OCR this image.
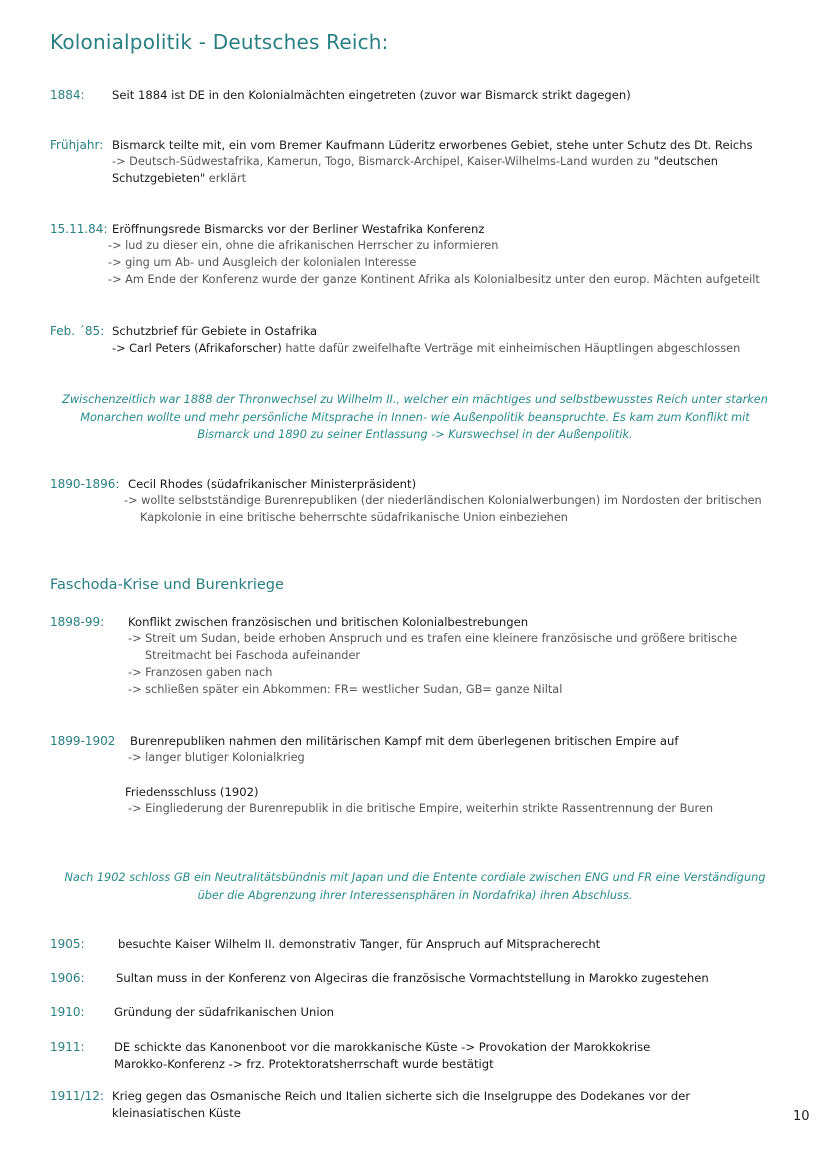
Kolonialpolitik - Deutsches Reich:
1884: Seit 1884 ist DE in den Kolonialmächten eingetreten (zuvor war Bismarck strikt dagegen)
Frühjahr: Bismarck teilte mit, ein vom Bremer Kaufmann Lüderitz erworbenes Gebiet, stehe unter Schutz des Dt. Reichs
-> Deutsch-Südwestafrika, Kamerun, Togo, Bismarck-Archipel, Kaiser-Wilhelms-Land wurden zu "deutschen
Schutzgebieten" erklärt
15.11.84: Eröffnungsrede Bismarcks vor der Berliner Westafrika Konferenz
-> lud zu dieser ein, ohne die afrikanischen Herrscher zu informieren
-> ging um Ab- und Ausgleich der kolonialen Interesse
-> Am Ende der Konferenz wurde der ganze Kontinent Afrika als Kolonialbesitz unter den europ. Mächten aufgeteilt
Feb. ´85: Schutzbrief für Gebiete in Ostafrika
-> Carl Peters (Afrikaforscher) hatte dafür zweifelhafte Verträge mit einheimischen Häuptlingen abgeschlossen
Zwischenzeitlich war 1888 der Thronwechsel zu Wilhelm II., welcher ein mächtiges und selbstbewusstes Reich unter starken
Monarchen wollte und mehr persönliche Mitsprache in Innen- wie Außenpolitik beanspruchte. Es kam zum Konflikt mit
Bismarck und 1890 zu seiner Entlassung -> Kurswechsel in der Außenpolitik.
1890-1896: Cecil Rhodes (südafrikanischer Ministerpräsident)
-> wollte selbstständige Burenrepubliken (der niederländischen Kolonialwerbungen) im Nordosten der britischen
Kapkolonie in eine britische beherrschte südafrikanische Union einbeziehen
Faschoda-Krise und Burenkriege
1898-99: Konflikt zwischen französischen und britischen Kolonialbestrebungen
-> Streit um Sudan, beide erhoben Anspruch und es trafen eine kleinere französische und größere britische
Streitmacht bei Faschoda aufeinander
-> Franzosen gaben nach
-> schließen später ein Abkommen: FR= westlicher Sudan, GB= ganze Niltal
1899-1902 Burenrepubliken nahmen den militärischen Kampf mit dem überlegenen britischen Empire auf
-> langer blutiger Kolonialkrieg
Friedensschluss (1902)
-> Eingliederung der Burenrepublik in die britische Empire, weiterhin strikte Rassentrennung der Buren
Nach 1902 schloss GB ein Neutralitätsbündnis mit Japan und die Entente cordiale zwischen ENG und FR eine Verständigung
über die Abgrenzung ihrer Interessensphären in Nordafrika) ihren Abschluss.
1905:	besuchte Kaiser Wilhelm II. demonstrativ Tanger, für Anspruch auf Mitspracherecht
1906:	Sultan muss in der Konferenz von Algeciras die französische Vormachtstellung in Marokko zugestehen
1910:	Gründung der südafrikanischen Union
1911:	DE schickte das Kanonenboot vor die marokkanische Küste -> Provokation der Marokkokrise
Marokko-Konferenz -> frz. Protektoratsherrschaft wurde bestätigt
1911/12: Krieg gegen das Osmanische Reich und Italien sicherte sich die Inselgruppe des Dodekanes vor der
kleinasiatischen Küste	10
